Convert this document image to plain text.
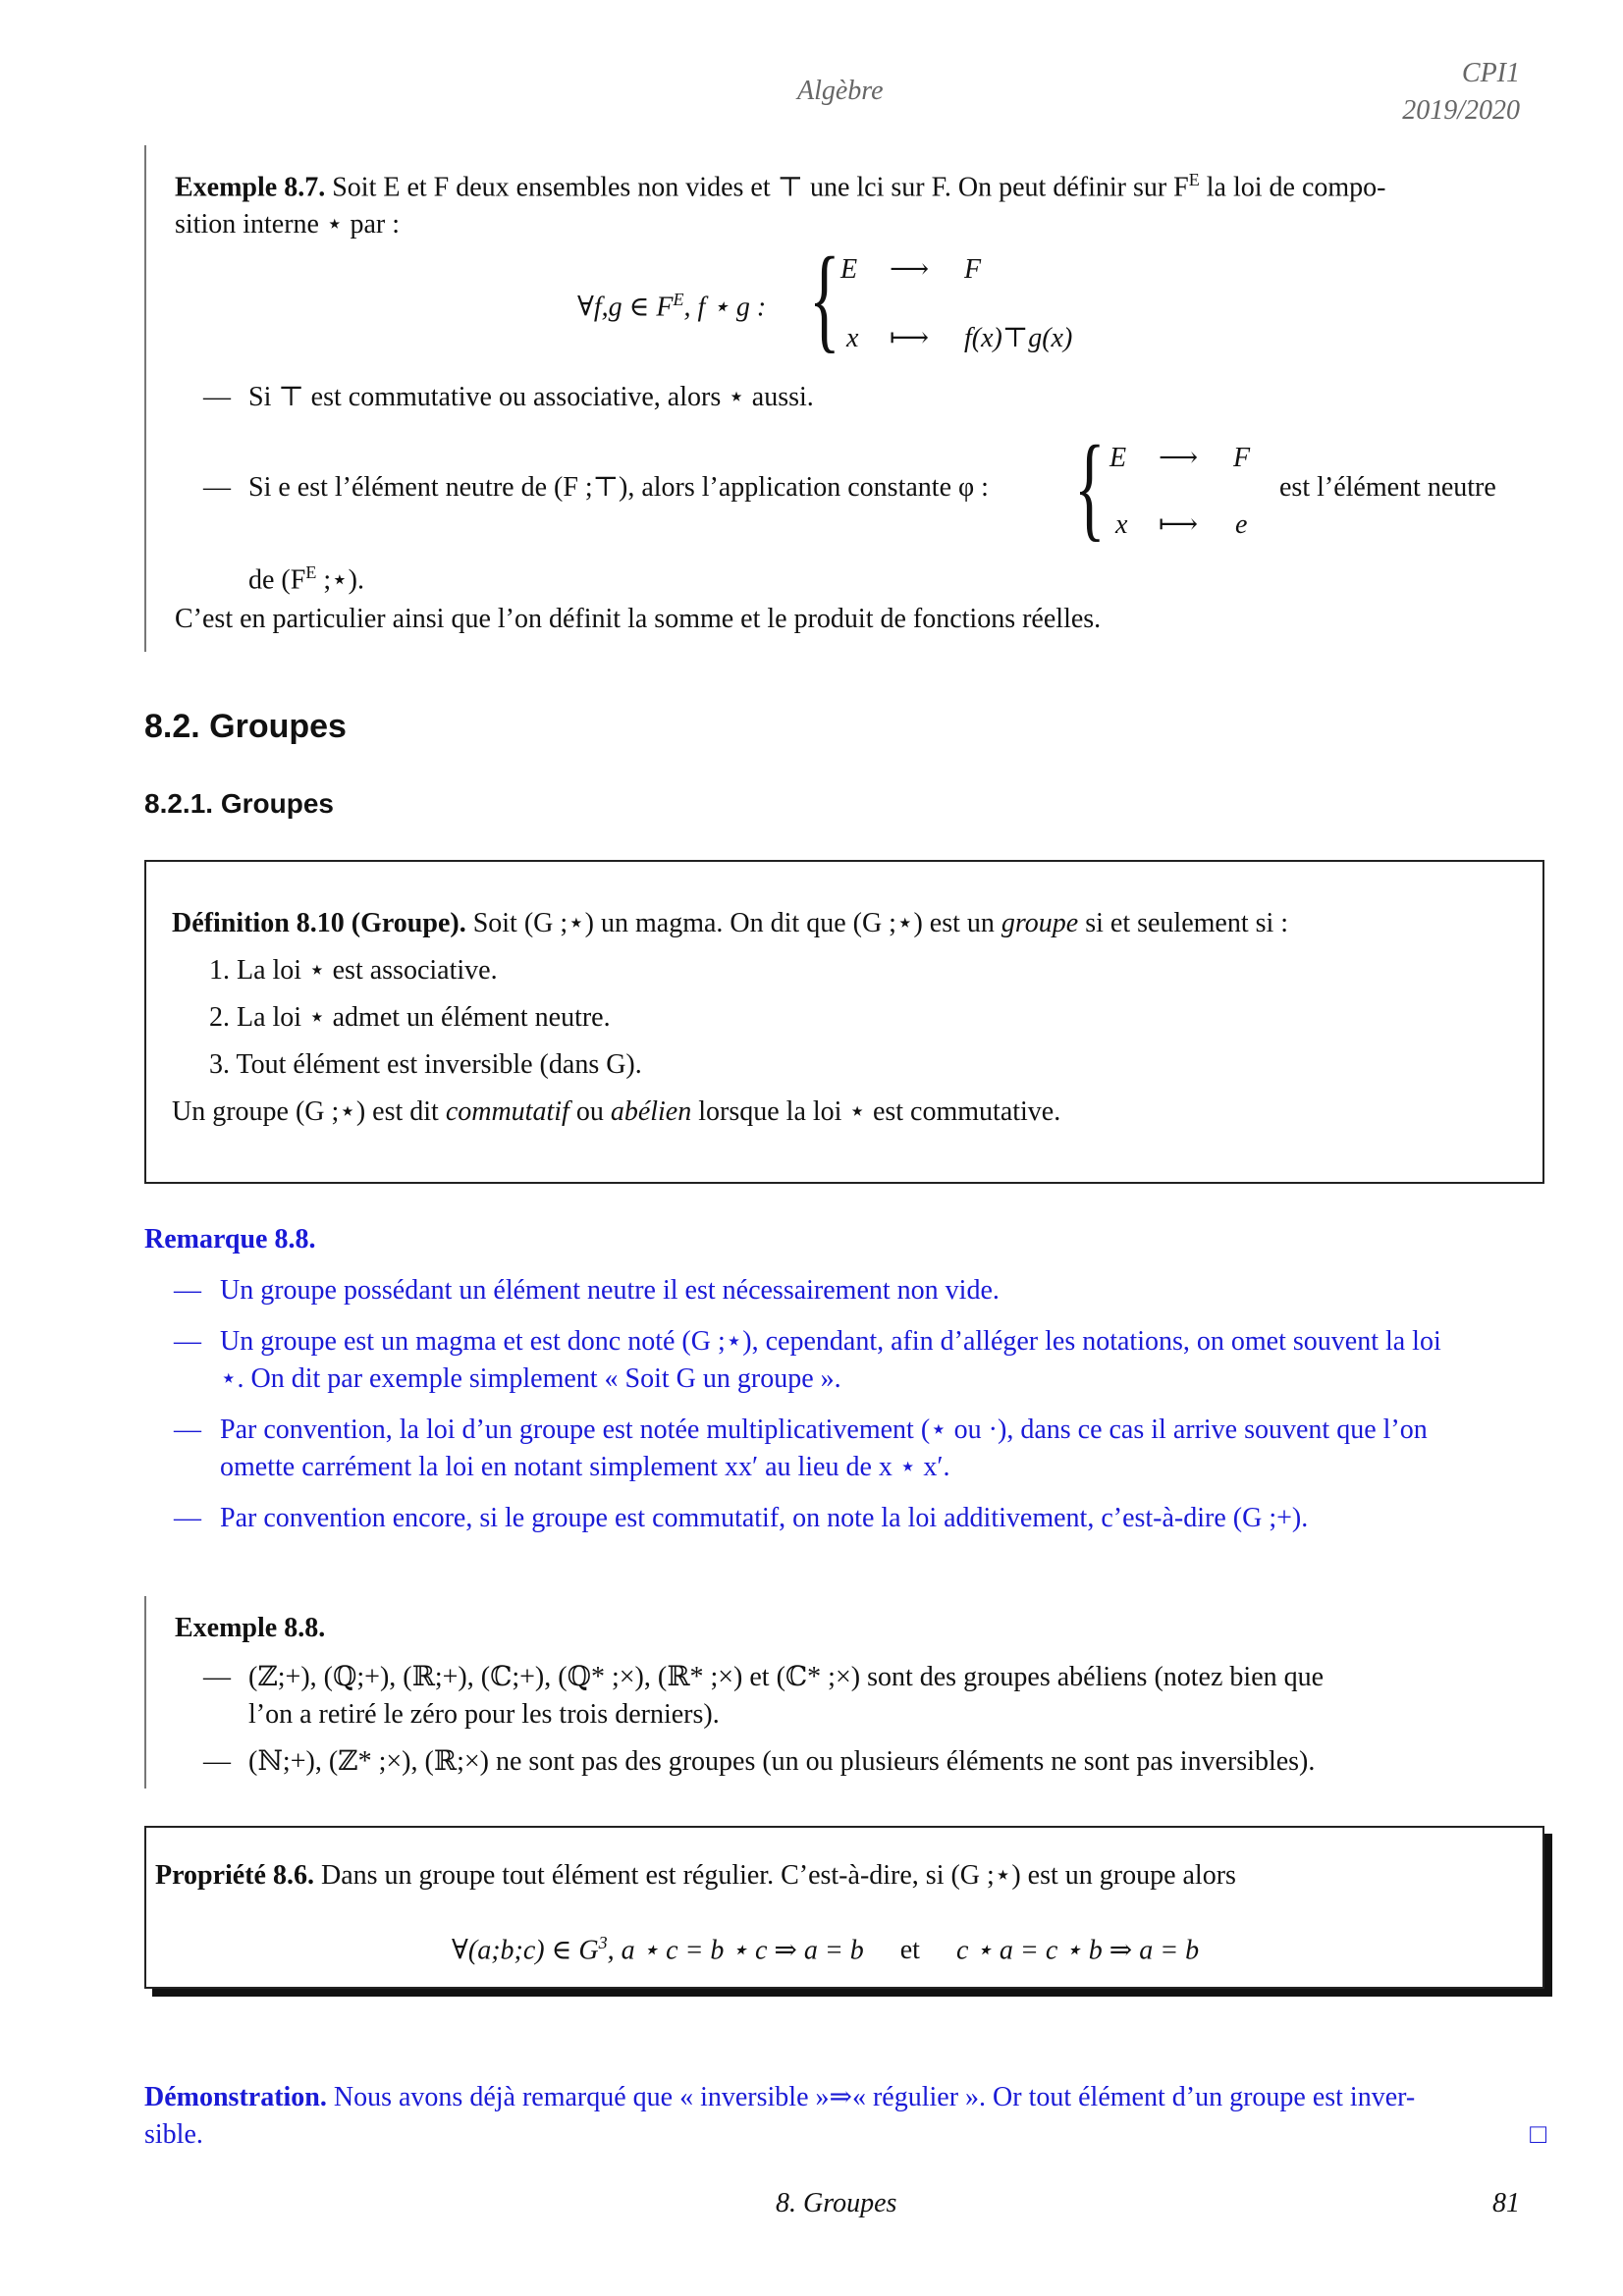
Algèbre
CPI1
2019/2020
Exemple 8.7. Soit E et F deux ensembles non vides et ⊤ une lci sur F. On peut définir sur $F^E$ la loi de compo-
sition interne ⋆ par :
∀f,g ∈ $F^E$, f ⋆ g : { E ⟶ F
x ⟼ f(x)⊤g(x)
— Si ⊤ est commutative ou associative, alors ⋆ aussi.
— Si e est l’élément neutre de (F ;⊤), alors l’application constante φ : { E ⟶ F
x ⟼ e
est l’élément neutre
de ($F^E$ ;⋆).
C’est en particulier ainsi que l’on définit la somme et le produit de fonctions réelles.
8.2. Groupes
8.2.1. Groupes
Définition 8.10 (Groupe). Soit (G ;⋆) un magma. On dit que (G ;⋆) est un groupe si et seulement si :
1. La loi ⋆ est associative.
2. La loi ⋆ admet un élément neutre.
3. Tout élément est inversible (dans G).
Un groupe (G ;⋆) est dit commutatif ou abélien lorsque la loi ⋆ est commutative.
Remarque 8.8.
— Un groupe possédant un élément neutre il est nécessairement non vide.
— Un groupe est un magma et est donc noté (G ;⋆), cependant, afin d’alléger les notations, on omet souvent la loi
⋆. On dit par exemple simplement « Soit G un groupe ».
— Par convention, la loi d’un groupe est notée multiplicativement (⋆ ou ·), dans ce cas il arrive souvent que l’on
omette carrément la loi en notant simplement xx′ au lieu de x ⋆ x′.
— Par convention encore, si le groupe est commutatif, on note la loi additivement, c’est-à-dire (G ;+).
Exemple 8.8.
— (ℤ;+), (ℚ;+), (ℝ;+), (ℂ;+), (ℚ* ;×), (ℝ* ;×) et (ℂ* ;×) sont des groupes abéliens (notez bien que
l’on a retiré le zéro pour les trois derniers).
— (ℕ;+), (ℤ* ;×), (ℝ;×) ne sont pas des groupes (un ou plusieurs éléments ne sont pas inversibles).
Propriété 8.6. Dans un groupe tout élément est régulier. C’est-à-dire, si (G ;⋆) est un groupe alors
∀(a;b;c) ∈ $G^3$, a ⋆ c = b ⋆ c ⇒ a = b et c ⋆ a = c ⋆ b ⇒ a = b
Démonstration. Nous avons déjà remarqué que « inversible »⇒« régulier ». Or tout élément d’un groupe est inver-
sible.	□
8. Groupes	81
